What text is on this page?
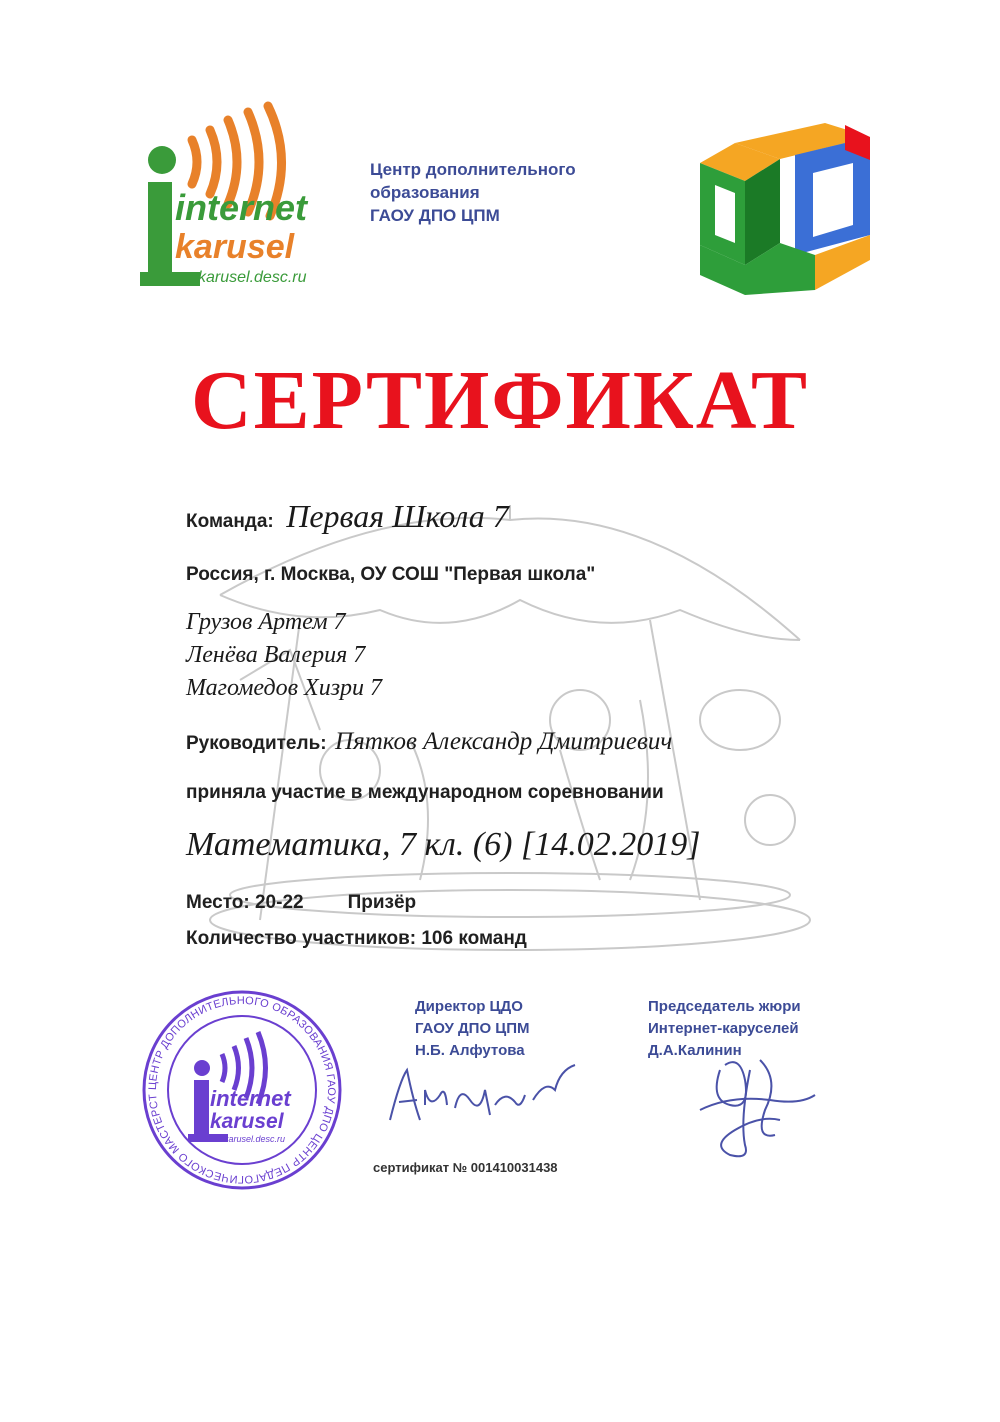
internet
karusel
karusel.desc.ru
Центр дополнительного
образования
ГАОУ ДПО ЦПМ
СЕРТИФИКАТ
Команда: Первая Школа 7
Россия, г. Москва, ОУ СОШ "Первая школа"
Грузов Артем 7
Ленёва Валерия 7
Магомедов Хизри 7
Руководитель: Пятков Александр Дмитриевич
приняла участие в международном соревновании
Математика, 7 кл. (6) [14.02.2019]
Место: 20-22 Призёр
Количество участников: 106 команд
ЦЕНТР ДОПОЛНИТЕЛЬНОГО ОБРАЗОВАНИЯ ГАОУ ДПО ЦЕНТР ПЕДАГОГИЧЕСКОГО МАСТЕРСТ	internet
karusel
karusel.desc.ru
Директор ЦДО
ГАОУ ДПО ЦПМ
Н.Б. Алфутова
Председатель жюри
Интернет-каруселей
Д.А.Калинин
сертификат № 001410031438
